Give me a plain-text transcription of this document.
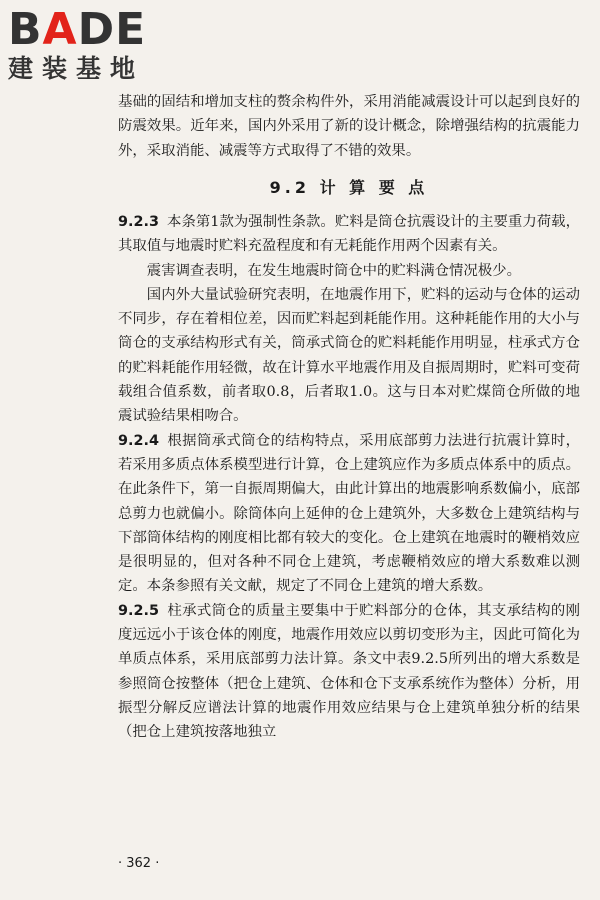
BADE
建装基地

基础的固结和增加支柱的赘余构件外，采用消能减震设计可以起到良好的防震效果。近年来，国内外采用了新的设计概念，除增强结构的抗震能力外，采取消能、减震等方式取得了不错的效果。

9.2 计 算 要 点

9.2.3 本条第1款为强制性条款。贮料是筒仓抗震设计的主要重力荷载，其取值与地震时贮料充盈程度和有无耗能作用两个因素有关。

震害调查表明，在发生地震时筒仓中的贮料满仓情况极少。

国内外大量试验研究表明，在地震作用下，贮料的运动与仓体的运动不同步，存在着相位差，因而贮料起到耗能作用。这种耗能作用的大小与筒仓的支承结构形式有关，筒承式筒仓的贮料耗能作用明显，柱承式方仓的贮料耗能作用轻微，故在计算水平地震作用及自振周期时，贮料可变荷载组合值系数，前者取0.8，后者取1.0。这与日本对贮煤筒仓所做的地震试验结果相吻合。

9.2.4 根据筒承式筒仓的结构特点，采用底部剪力法进行抗震计算时，若采用多质点体系模型进行计算，仓上建筑应作为多质点体系中的质点。在此条件下，第一自振周期偏大，由此计算出的地震影响系数偏小，底部总剪力也就偏小。除筒体向上延伸的仓上建筑外，大多数仓上建筑结构与下部筒体结构的刚度相比都有较大的变化。仓上建筑在地震时的鞭梢效应是很明显的，但对各种不同仓上建筑，考虑鞭梢效应的增大系数难以测定。本条参照有关文献，规定了不同仓上建筑的增大系数。

9.2.5 柱承式筒仓的质量主要集中于贮料部分的仓体，其支承结构的刚度远远小于该仓体的刚度，地震作用效应以剪切变形为主，因此可简化为单质点体系，采用底部剪力法计算。条文中表9.2.5所列出的增大系数是参照筒仓按整体（把仓上建筑、仓体和仓下支承系统作为整体）分析，用振型分解反应谱法计算的地震作用效应结果与仓上建筑单独分析的结果（把仓上建筑按落地独立

· 362 ·
